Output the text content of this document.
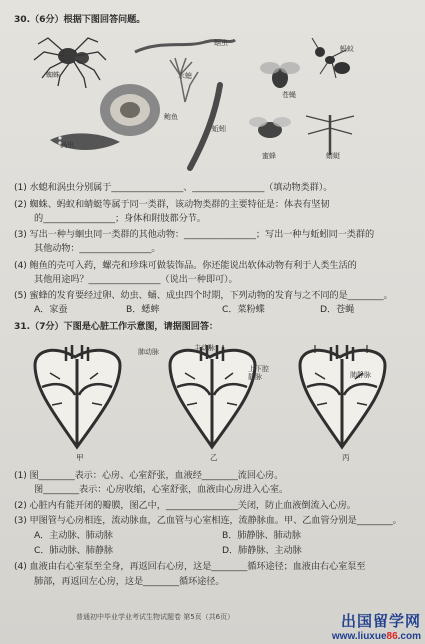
30.（6分）根据下图回答问题。
蜘蛛	水螅
蛔虫
蚂蚁
苍蝇
涡虫
鲍鱼
蚯蚓
蜜蜂	蜻蜓
(1) 水螅和涡虫分别属于________________、________________（填动物类群）。
(2) 蜘蛛、蚂蚁和蜻蜓等属于同一类群，该动物类群的主要特征是：体表有坚韧
的________________；身体和附肢都分节。
(3) 写出一种与蛔虫同一类群的其他动物：________________；写出一种与蚯蚓同一类群的
其他动物：________________。
(4) 鲍鱼的壳可入药，螺壳和珍珠可做装饰品。你还能说出软体动物有利于人类生活的
其他用途吗？________________（说出一种即可）。
(5) 蜜蜂的发育要经过卵、幼虫、蛹、成虫四个时期，下列动物的发育与之不同的是________。
A．家蚕	B．蟋蟀	C．菜粉蝶	D．苍蝇
31.（7分）下图是心脏工作示意图，请据图回答：
肺动脉	主动脉
上下腔静脉	肺静脉
甲	乙	丙
(1) 图________表示：心房、心室舒张，血液经________流回心房。
图________表示：心房收缩，心室舒张，血液由心房进入心室。
(2) 心脏内有能开闭的瓣膜，图乙中，________________关闭，防止血液倒流入心房。
(3) 甲图管与心房相连，流动脉血，乙血管与心室相连，流静脉血。甲、乙血管分别是________。
A．主动脉、肺动脉	B．肺静脉、肺动脉
C．肺动脉、肺静脉	D．肺静脉、主动脉
(4) 血液由右心室泵至全身，再返回右心房，这是________循环途径；血液由右心室泵至
肺部，再返回左心房，这是________循环途径。
普通初中毕业学业考试生物试题卷 第5页（共6页）	出国留学网
www.liuxue86.com
